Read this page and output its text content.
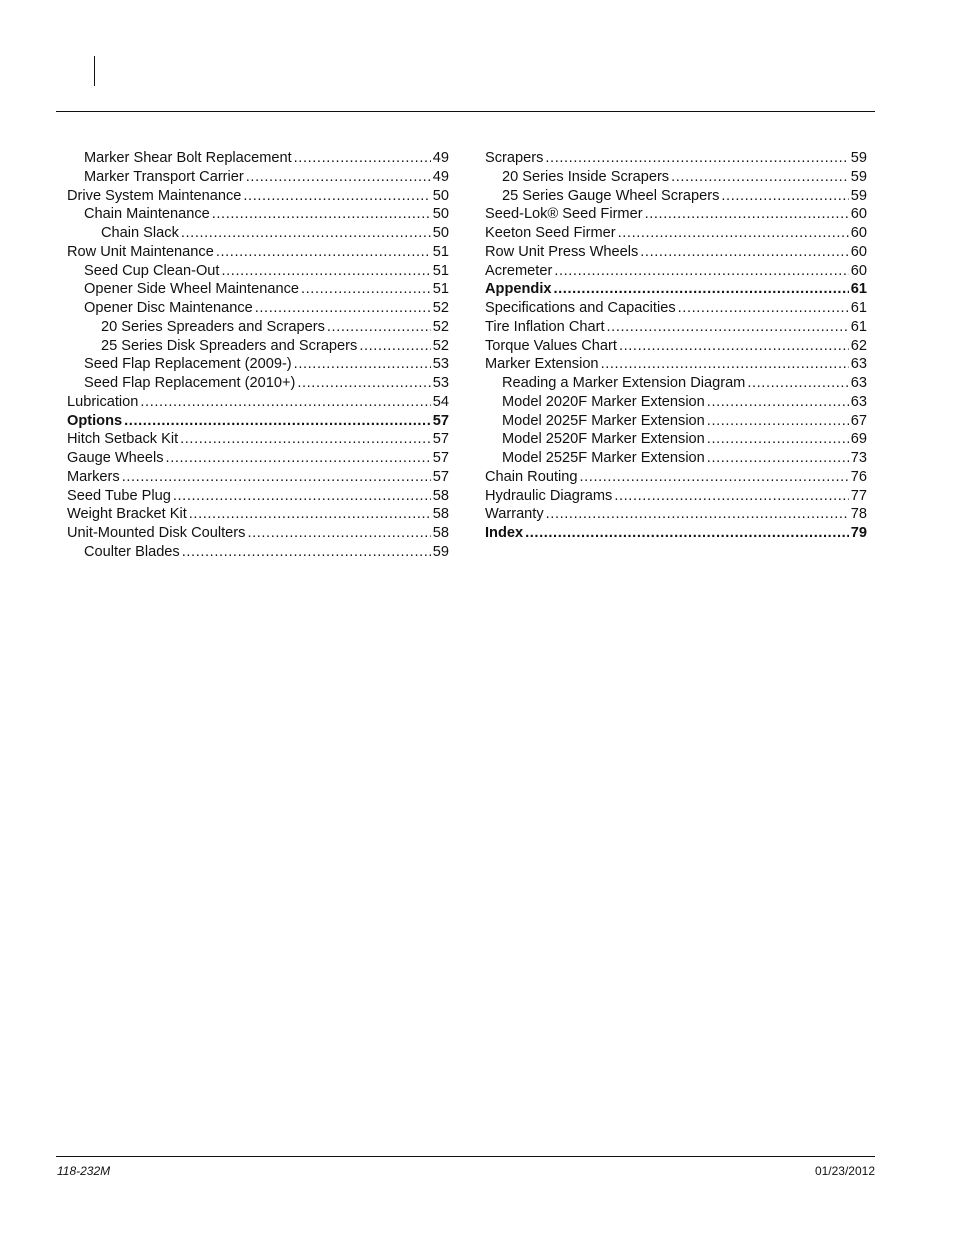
Marker Shear Bolt Replacement .....	49
Marker Transport Carrier .....	49
Drive System Maintenance .....	50
Chain Maintenance .....	50
Chain Slack .....	50
Row Unit Maintenance .....	51
Seed Cup Clean-Out .....	51
Opener Side Wheel Maintenance .....	51
Opener Disc Maintenance .....	52
20 Series Spreaders and Scrapers .....	52
25 Series Disk Spreaders and Scrapers .....	52
Seed Flap Replacement (2009-) .....	53
Seed Flap Replacement (2010+) .....	53
Lubrication .....	54
Options .....	57
Hitch Setback Kit .....	57
Gauge Wheels .....	57
Markers .....	57
Seed Tube Plug .....	58
Weight Bracket Kit .....	58
Unit-Mounted Disk Coulters .....	58
Coulter Blades .....	59
Scrapers .....	59
20 Series Inside Scrapers .....	59
25 Series Gauge Wheel Scrapers .....	59
Seed-Lok® Seed Firmer .....	60
Keeton Seed Firmer .....	60
Row Unit Press Wheels .....	60
Acremeter .....	60
Appendix .....	61
Specifications and Capacities .....	61
Tire Inflation Chart .....	61
Torque Values Chart .....	62
Marker Extension .....	63
Reading a Marker Extension Diagram .....	63
Model 2020F Marker Extension .....	63
Model 2025F Marker Extension .....	67
Model 2520F Marker Extension .....	69
Model 2525F Marker Extension .....	73
Chain Routing .....	76
Hydraulic Diagrams .....	77
Warranty .....	78
Index .....	79
118-232M	01/23/2012
